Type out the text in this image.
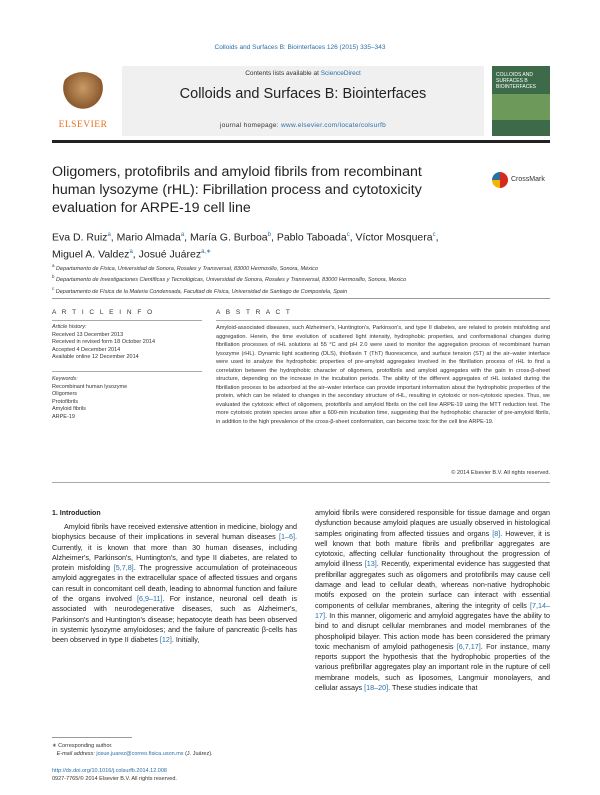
Colloids and Surfaces B: Biointerfaces 126 (2015) 335–343
ELSEVIER
Contents lists available at ScienceDirect
Colloids and Surfaces B: Biointerfaces
journal homepage: www.elsevier.com/locate/colsurfb
COLLOIDS AND SURFACES B BIOINTERFACES
Oligomers, protofibrils and amyloid fibrils from recombinant human lysozyme (rHL): Fibrillation process and cytotoxicity evaluation for ARPE-19 cell line
CrossMark
Eva D. Ruiz$^a$, Mario Almada$^a$, María G. Burboa$^b$, Pablo Taboada$^c$, Víctor Mosquera$^c$,
Miguel A. Valdez$^a$, Josué Juárez$^{a,∗}$
$^a$ Departamento de Física, Universidad de Sonora, Rosales y Transversal, 83000 Hermosillo, Sonora, México
$^b$ Departamento de Investigaciones Científicas y Tecnológicas, Universidad de Sonora, Rosales y Transversal, 83000 Hermosillo, Sonora, Mexico
$^c$ Departamento de Física de la Materia Condensada, Facultad de Física, Universidad de Santiago de Compostela, Spain
A R T I C L E I N F O	A B S T R A C T
Article history:
Received 13 December 2013
Received in revised form 18 October 2014
Accepted 4 December 2014
Available online 12 December 2014
Keywords:
Recombinant human lysozyme
Oligomers
Protofibrils
Amyloid fibrils
ARPE-19
Amyloid-associated diseases, such Alzheimer's, Huntington's, Parkinson's, and type II diabetes, are related to protein misfolding and aggregation. Herein, the time evolution of scattered light intensity, hydrophobic properties, and conformational changes during fibrillation processes of rHL solutions at 55 °C and pH 2.0 were used to monitor the aggregation process of recombinant human lysozyme (rHL). Dynamic light scattering (DLS), thioflavin T (ThT) fluorescence, and surface tension (ST) at the air–water interface were used to analyze the hydrophobic properties of pre-amyloid aggregates involved in the fibrillation process of rHL to find a correlation between the hydrophobic character of oligomers, protofibrils and amyloid aggregates with the gain in cross-β-sheet structure, depending on the increase in the incubation periods. The ability of the different aggregates of rHL isolated during the fibrillation process to be adsorbed at the air–water interface can provide important information about the hydrophobic properties of the protein, which can be related to changes in the secondary structure of rHL, resulting in cytotoxic or non-cytotoxic species. Thus, we evaluated the cytotoxic effect of oligomers, protofibrils and amyloid fibrils on the cell line ARPE-19 using the MTT reduction test. The more cytotoxic protein species arose after a 600-min incubation time, suggesting that the hydrophobic character of pre-amyloid fibrils, in addition to the high prevalence of the cross-β-sheet conformation, can become toxic for the cell line ARPE-19.
© 2014 Elsevier B.V. All rights reserved.
1. Introduction
Amyloid fibrils have received extensive attention in medicine, biology and biophysics because of their implications in several human diseases [1–6]. Currently, it is known that more than 30 human diseases, including Alzheimer's, Parkinson's, Huntington's, and type II diabetes, are related to protein misfolding [5,7,8]. The progressive accumulation of proteinaceous amyloid aggregates in the extracellular space of affected tissues and organs can result in concomitant cell death, leading to abnormal function and failure of the organs involved [6,9–11]. For instance, neuronal cell death is associated with neurodegenerative diseases, such as Alzheimer's, Parkinson's and Huntington's disease; hepatocyte death has been observed in systemic lysozyme amyloidoses; and the failure of pancreatic β-cells has been observed in type II diabetes [12]. Initially,
amyloid fibrils were considered responsible for tissue damage and organ dysfunction because amyloid plaques are usually observed in histological samples originating from affected tissues and organs [8]. However, it is well known that both mature fibrils and prefibrillar aggregates are cytotoxic, affecting cellular functionality throughout the progression of amyloid illness [13]. Recently, experimental evidence has suggested that prefibrillar aggregates such as oligomers and protofibrils may cause cell damage and lead to cellular death, whereas non-native hydrophobic motifs exposed on the protein surface can interact with essential components of cellular membranes, altering the integrity of cells [7,14–17]. In this manner, oligomeric and amyloid aggregates have the ability to bind to and disrupt cellular membranes and model membranes of the phospholipid bilayer. This action mode has been considered the primary toxic mechanism of amyloid pathogenesis [6,7,17]. For instance, many reports support the hypothesis that the hydrophobic properties of the various prefibrillar aggregates play an important role in the rupture of cell membrane models, such as liposomes, Langmuir monolayers, and cellular assays [18–20]. These studies indicate that
∗ Corresponding author.
E-mail address: josue.juarez@correo.fisica.uson.mx (J. Juárez).
http://dx.doi.org/10.1016/j.colsurfb.2014.12.008
0927-7765/© 2014 Elsevier B.V. All rights reserved.
